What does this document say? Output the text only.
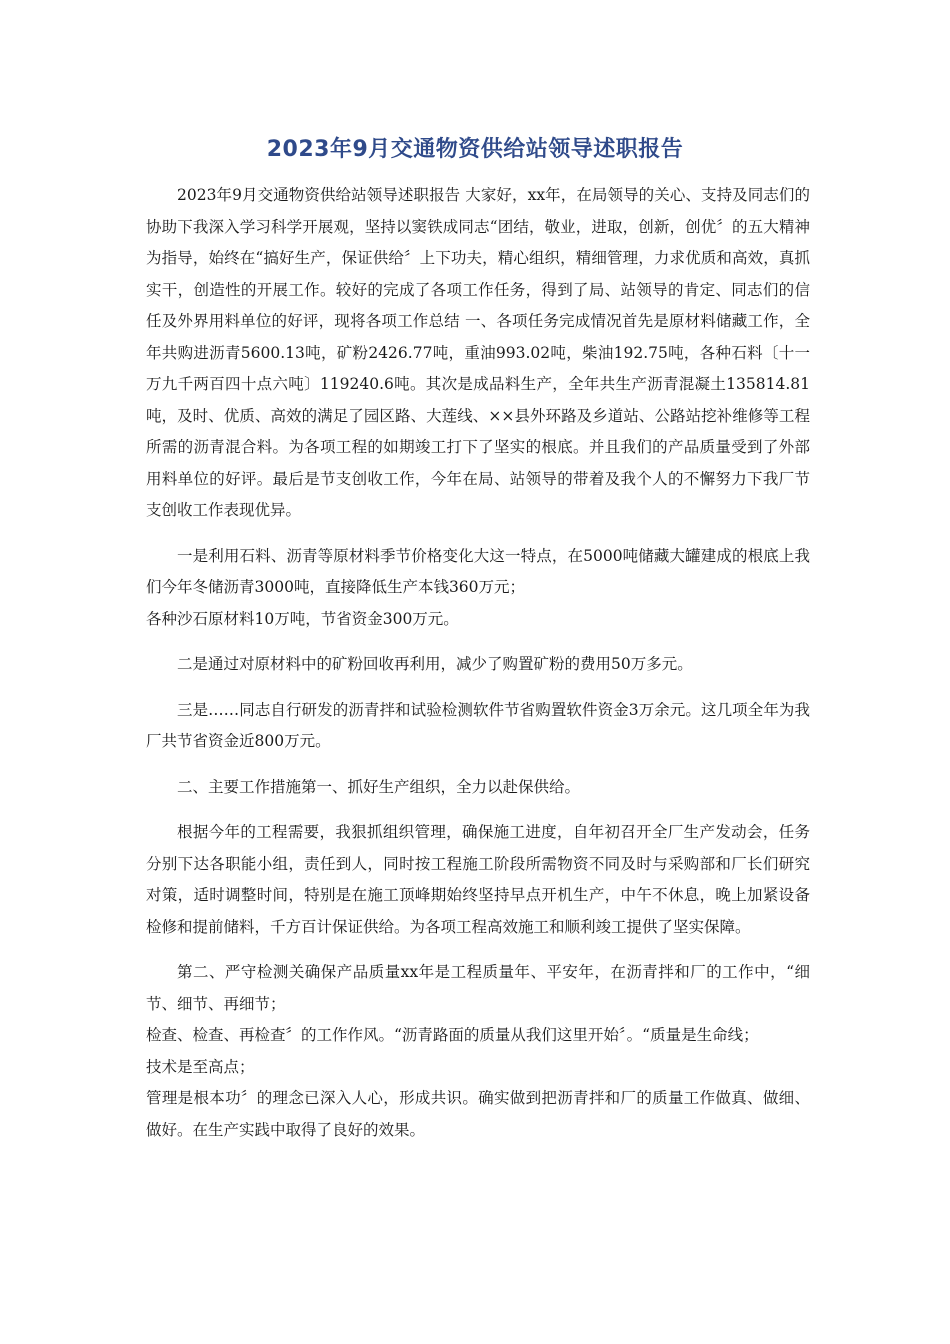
2023年9月交通物资供给站领导述职报告

2023年9月交通物资供给站领导述职报告 大家好，xx年，在局领导的关心、支持及同志们的协助下我深入学习科学开展观，坚持以窦铁成同志“团结，敬业，进取，创新，创优〞的五大精神为指导，始终在“搞好生产，保证供给〞上下功夫，精心组织，精细管理，力求优质和高效，真抓实干，创造性的开展工作。较好的完成了各项工作任务，得到了局、站领导的肯定、同志们的信任及外界用料单位的好评，现将各项工作总结 一、各项任务完成情况首先是原材料储藏工作，全年共购进沥青5600.13吨，矿粉2426.77吨，重油993.02吨，柴油192.75吨，各种石料〔十一万九千两百四十点六吨〕119240.6吨。其次是成品料生产，全年共生产沥青混凝土135814.81吨，及时、优质、高效的满足了园区路、大莲线、××县外环路及乡道站、公路站挖补维修等工程所需的沥青混合料。为各项工程的如期竣工打下了坚实的根底。并且我们的产品质量受到了外部用料单位的好评。最后是节支创收工作，今年在局、站领导的带着及我个人的不懈努力下我厂节支创收工作表现优异。

一是利用石料、沥青等原材料季节价格变化大这一特点，在5000吨储藏大罐建成的根底上我们今年冬储沥青3000吨，直接降低生产本钱360万元；

各种沙石原材料10万吨，节省资金300万元。

二是通过对原材料中的矿粉回收再利用，减少了购置矿粉的费用50万多元。

三是……同志自行研发的沥青拌和试验检测软件节省购置软件资金3万余元。这几项全年为我厂共节省资金近800万元。

二、主要工作措施第一、抓好生产组织，全力以赴保供给。

根据今年的工程需要，我狠抓组织管理，确保施工进度，自年初召开全厂生产发动会，任务分别下达各职能小组，责任到人，同时按工程施工阶段所需物资不同及时与采购部和厂长们研究对策，适时调整时间，特别是在施工顶峰期始终坚持早点开机生产，中午不休息，晚上加紧设备检修和提前储料，千方百计保证供给。为各项工程高效施工和顺利竣工提供了坚实保障。

第二、严守检测关确保产品质量xx年是工程质量年、平安年，在沥青拌和厂的工作中，“细节、细节、再细节；

检查、检查、再检查〞的工作作风。“沥青路面的质量从我们这里开始〞。“质量是生命线；

技术是至高点；

管理是根本功〞的理念已深入人心，形成共识。确实做到把沥青拌和厂的质量工作做真、做细、做好。在生产实践中取得了良好的效果。
